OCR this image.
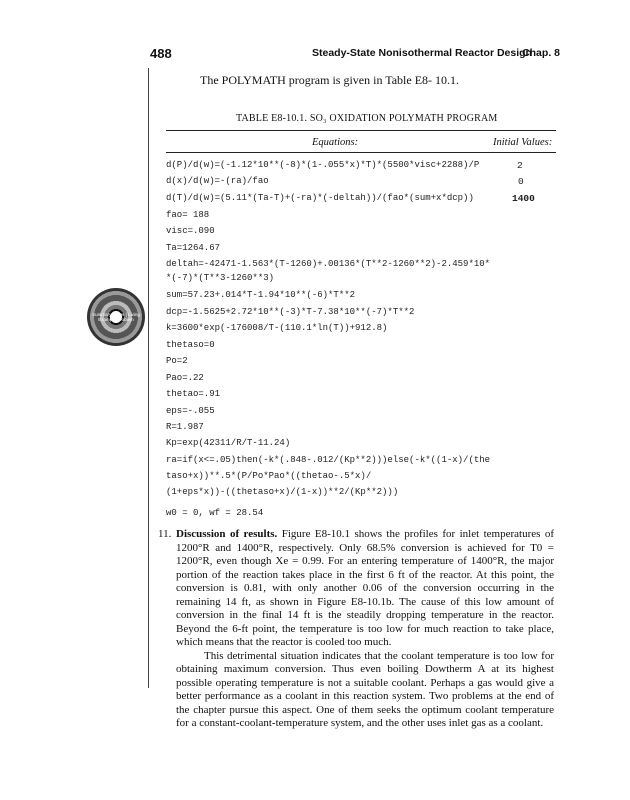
488	Steady-State Nonisothermal Reactor Design
Chap. 8
The POLYMATH program is given in Table E8- 10.1.
TABLE E8-10.1. SO₃ OXIDATION POLYMATH PROGRAM
Equations:	Initial Values:
d(P)/d(w)=(-1.12*10**(-8)*(1-.055*x)*T)*(5500*visc+2288)/P
d(x)/d(w)=-(ra)/fao
d(T)/d(w)=(5.11*(Ta-T)+(-ra)*(-deltah))/(fao*(sum+x*dcp))
fao= 188
visc=.090
Ta=1264.67
deltah=-42471-1.563*(T-1260)+.00136*(T**2-1260**2)-2.459*10*
*(-7)*(T**3-1260**3)
sum=57.23+.014*T-1.94*10**(-6)*T**2
dcp=-1.5625+2.72*10**(-3)*T-7.38*10**(-7)*T**2
k=3600*exp(-176008/T-(110.1*ln(T))+912.8)
thetaso=0
Po=2
Pao=.22
thetao=.91
eps=-.055
R=1.987
Kp=exp(42311/R/T-11.24)
ra=if(x<=.05)then(-k*(.848-.012/(Kp**2)))else(-k*((1-x)/(the
taso+x))**.5*(P/Po*Pao*((thetao-.5*x)/
(1+eps*x))-((thetaso+x)/(1-x))**2/(Kp**2)))
w0 = 0, wf = 28.54
2
0
1400
Summary Notes | Living Example Problem

11. Discussion of results. Figure E8-10.1 shows the profiles for inlet temperatures of 1200°R and 1400°R, respectively. Only 68.5% conversion is achieved for T0 = 1200°R, even though Xe = 0.99. For an entering temperature of 1400°R, the major portion of the reaction takes place in the first 6 ft of the reactor. At this point, the conversion is 0.81, with only another 0.06 of the conversion occurring in the remaining 14 ft, as shown in Figure E8-10.1b. The cause of this low amount of conversion in the final 14 ft is the steadily dropping temperature in the reactor. Beyond the 6-ft point, the temperature is too low for much reaction to take place, which means that the reactor is cooled too much.

This detrimental situation indicates that the coolant temperature is too low for obtaining maximum conversion. Thus even boiling Dowtherm A at its highest possible operating temperature is not a suitable coolant. Perhaps a gas would give a better performance as a coolant in this reaction system. Two problems at the end of the chapter pursue this aspect. One of them seeks the optimum coolant temperature for a constant-coolant-temperature system, and the other uses inlet gas as a coolant.
